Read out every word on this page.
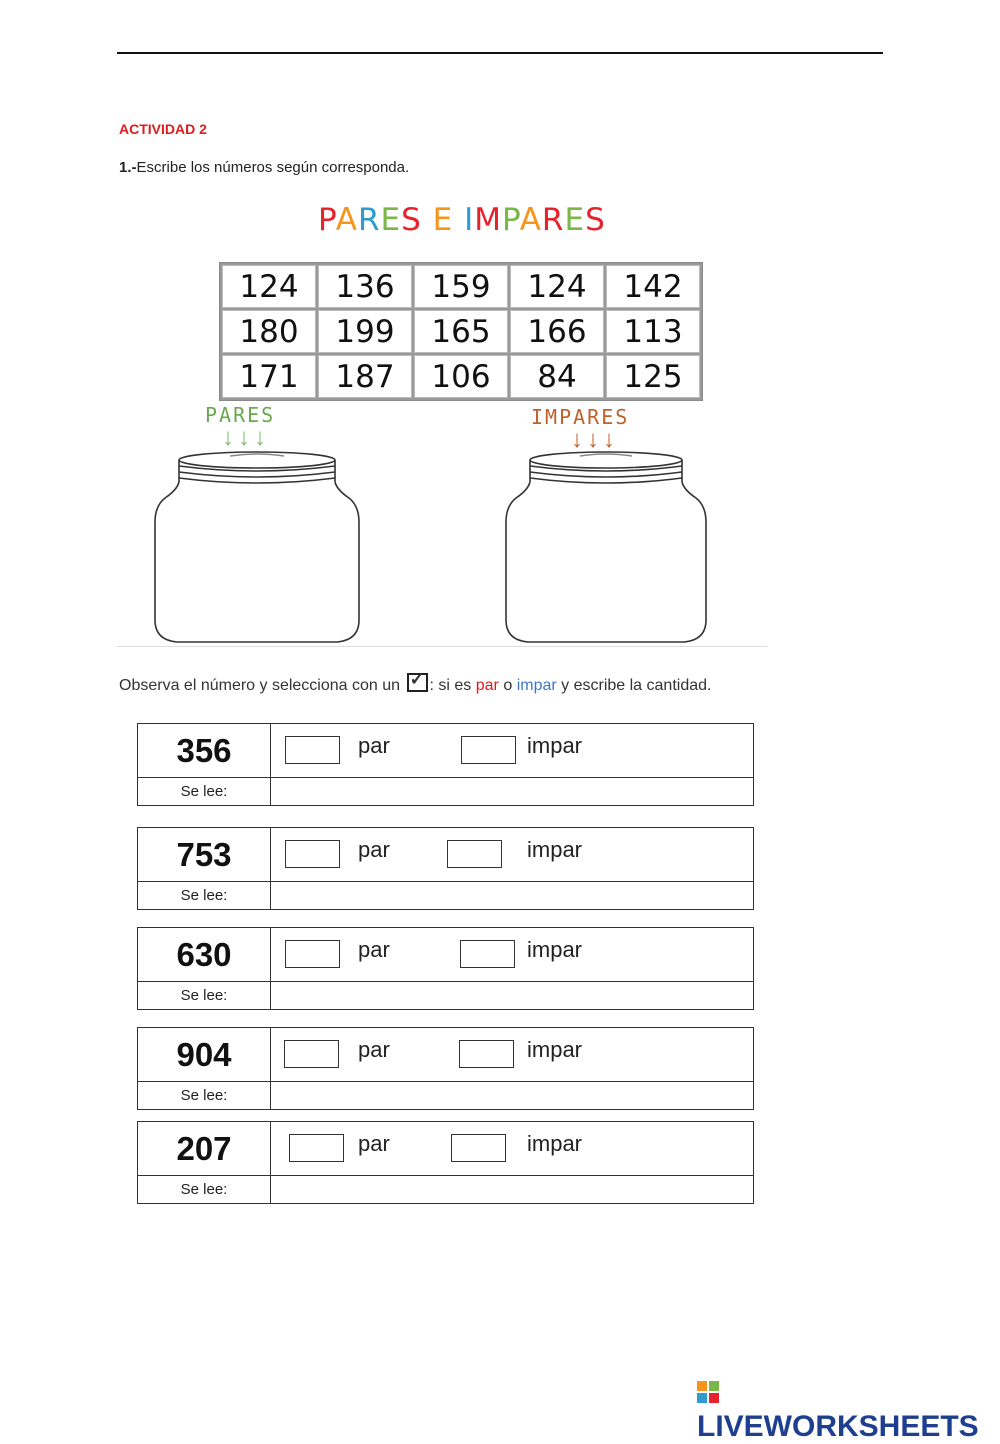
ACTIVIDAD 2
1.-Escribe los números según corresponda.
PARES E IMPARES
124	136	159	124	142
180	199	165	166	113
171	187	106	84	125
PARES
↓↓↓
IMPARES
↓↓↓
Observa el número y selecciona con un ✓ : si es par o impar y escribe la cantidad.
356	par	impar
Se lee:
753	par	impar
Se lee:
630	par	impar
Se lee:
904	par	impar
Se lee:
207	par	impar
Se lee:
LIVEWORKSHEETS
